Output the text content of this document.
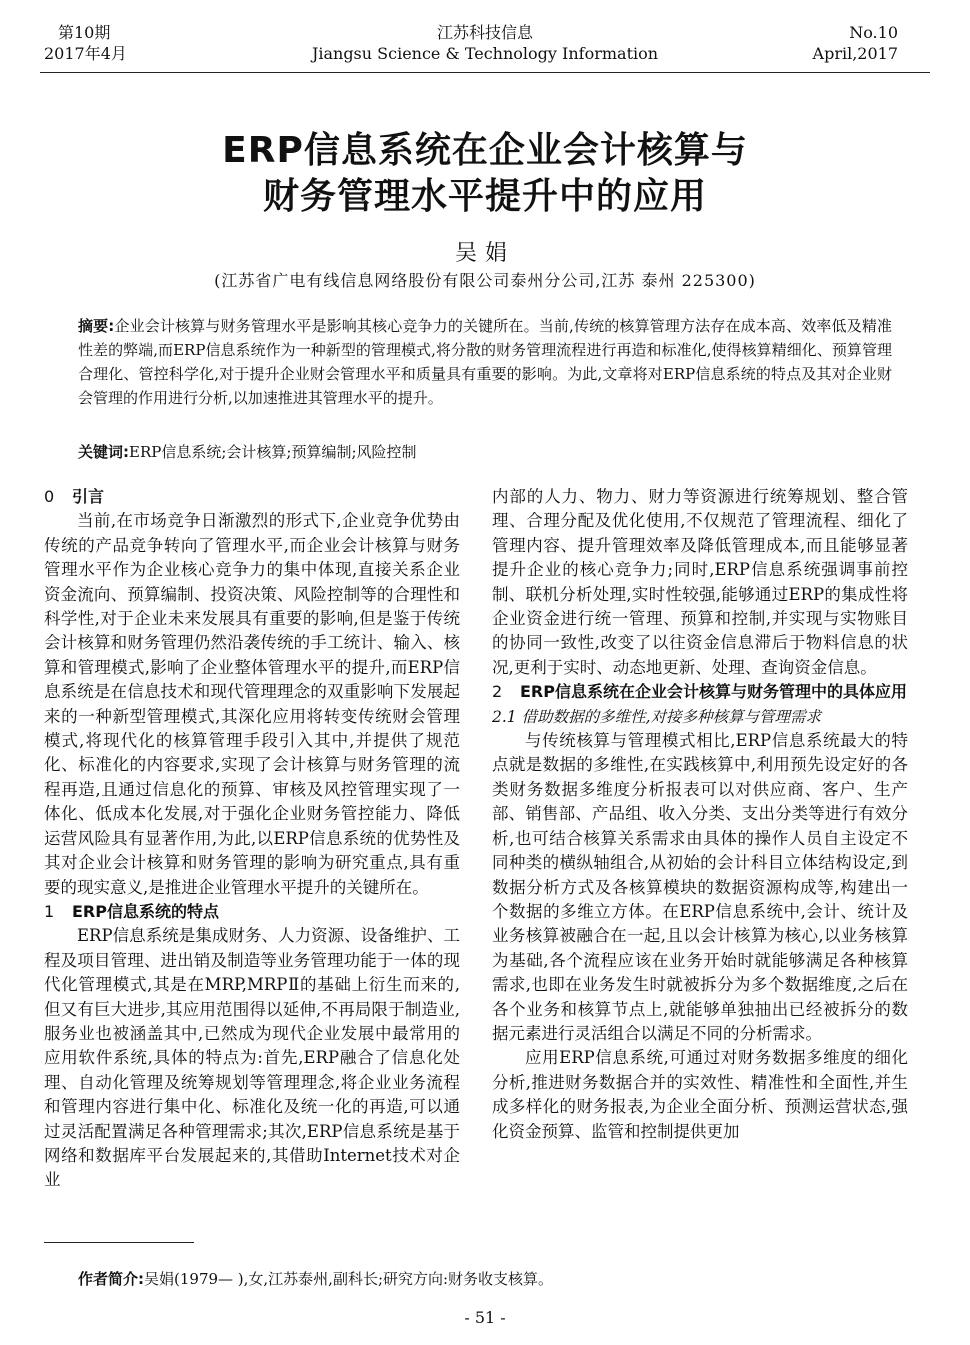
第10期
2017年4月
江苏科技信息
Jiangsu Science & Technology Information
No.10
April,2017
ERP信息系统在企业会计核算与
财务管理水平提升中的应用
吴娟
(江苏省广电有线信息网络股份有限公司泰州分公司,江苏 泰州 225300)
摘要:企业会计核算与财务管理水平是影响其核心竞争力的关键所在。当前,传统的核算管理方法存在成本高、效率低及精准性差的弊端,而ERP信息系统作为一种新型的管理模式,将分散的财务管理流程进行再造和标准化,使得核算精细化、预算管理合理化、管控科学化,对于提升企业财会管理水平和质量具有重要的影响。为此,文章将对ERP信息系统的特点及其对企业财会管理的作用进行分析,以加速推进其管理水平的提升。
关键词:ERP信息系统;会计核算;预算编制;风险控制
0 引言

当前,在市场竞争日渐激烈的形式下,企业竞争优势由传统的产品竞争转向了管理水平,而企业会计核算与财务管理水平作为企业核心竞争力的集中体现,直接关系企业资金流向、预算编制、投资决策、风险控制等的合理性和科学性,对于企业未来发展具有重要的影响,但是鉴于传统会计核算和财务管理仍然沿袭传统的手工统计、输入、核算和管理模式,影响了企业整体管理水平的提升,而ERP信息系统是在信息技术和现代管理理念的双重影响下发展起来的一种新型管理模式,其深化应用将转变传统财会管理模式,将现代化的核算管理手段引入其中,并提供了规范化、标准化的内容要求,实现了会计核算与财务管理的流程再造,且通过信息化的预算、审核及风控管理实现了一体化、低成本化发展,对于强化企业财务管控能力、降低运营风险具有显著作用,为此,以ERP信息系统的优势性及其对企业会计核算和财务管理的影响为研究重点,具有重要的现实意义,是推进企业管理水平提升的关键所在。

1 ERP信息系统的特点

ERP信息系统是集成财务、人力资源、设备维护、工程及项目管理、进出销及制造等业务管理功能于一体的现代化管理模式,其是在MRP,MRPⅡ的基础上衍生而来的,但又有巨大进步,其应用范围得以延伸,不再局限于制造业,服务业也被涵盖其中,已然成为现代企业发展中最常用的应用软件系统,具体的特点为:首先,ERP融合了信息化处理、自动化管理及统筹规划等管理理念,将企业业务流程和管理内容进行集中化、标准化及统一化的再造,可以通过灵活配置满足各种管理需求;其次,ERP信息系统是基于网络和数据库平台发展起来的,其借助Internet技术对企业

内部的人力、物力、财力等资源进行统筹规划、整合管理、合理分配及优化使用,不仅规范了管理流程、细化了管理内容、提升管理效率及降低管理成本,而且能够显著提升企业的核心竞争力;同时,ERP信息系统强调事前控制、联机分析处理,实时性较强,能够通过ERP的集成性将企业资金进行统一管理、预算和控制,并实现与实物账目的协同一致性,改变了以往资金信息滞后于物料信息的状况,更利于实时、动态地更新、处理、查询资金信息。

2 ERP信息系统在企业会计核算与财务管理中的具体应用
2.1 借助数据的多维性,对接多种核算与管理需求

与传统核算与管理模式相比,ERP信息系统最大的特点就是数据的多维性,在实践核算中,利用预先设定好的各类财务数据多维度分析报表可以对供应商、客户、生产部、销售部、产品组、收入分类、支出分类等进行有效分析,也可结合核算关系需求由具体的操作人员自主设定不同种类的横纵轴组合,从初始的会计科目立体结构设定,到数据分析方式及各核算模块的数据资源构成等,构建出一个数据的多维立方体。在ERP信息系统中,会计、统计及业务核算被融合在一起,且以会计核算为核心,以业务核算为基础,各个流程应该在业务开始时就能够满足各种核算需求,也即在业务发生时就被拆分为多个数据维度,之后在各个业务和核算节点上,就能够单独抽出已经被拆分的数据元素进行灵活组合以满足不同的分析需求。

应用ERP信息系统,可通过对财务数据多维度的细化分析,推进财务数据合并的实效性、精准性和全面性,并生成多样化的财务报表,为企业全面分析、预测运营状态,强化资金预算、监管和控制提供更加

作者简介:吴娟(1979— ),女,江苏泰州,副科长;研究方向:财务收支核算。
- 51 -
